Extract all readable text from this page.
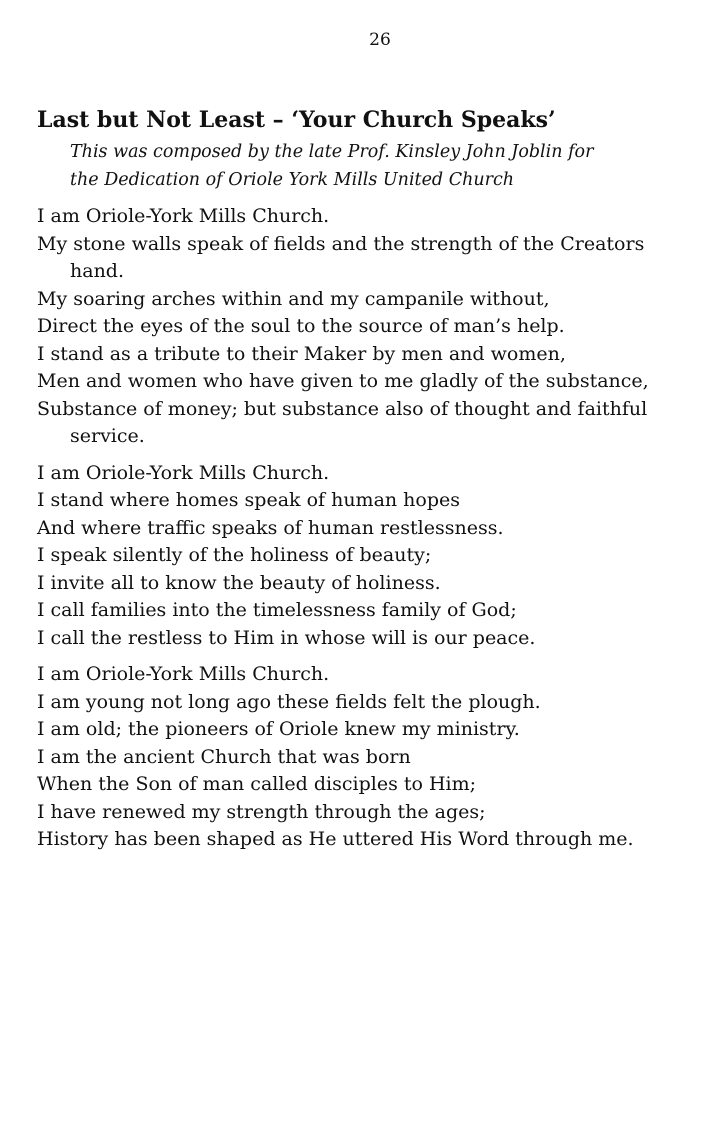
26
Last but Not Least – ‘Your Church Speaks’
This was composed by the late Prof. Kinsley John Joblin for
the Dedication of Oriole York Mills United Church
I am Oriole-York Mills Church.
My stone walls speak of fields and the strength of the Creators hand.
My soaring arches within and my campanile without,
Direct the eyes of the soul to the source of man’s help.
I stand as a tribute to their Maker by men and women,
Men and women who have given to me gladly of the substance,
Substance of money; but substance also of thought and faithful service.
I am Oriole-York Mills Church.
I stand where homes speak of human hopes
And where traffic speaks of human restlessness.
I speak silently of the holiness of beauty;
I invite all to know the beauty of holiness.
I call families into the timelessness family of God;
I call the restless to Him in whose will is our peace.
I am Oriole-York Mills Church.
I am young not long ago these fields felt the plough.
I am old; the pioneers of Oriole knew my ministry.
I am the ancient Church that was born
When the Son of man called disciples to Him;
I have renewed my strength through the ages;
History has been shaped as He uttered His Word through me.
